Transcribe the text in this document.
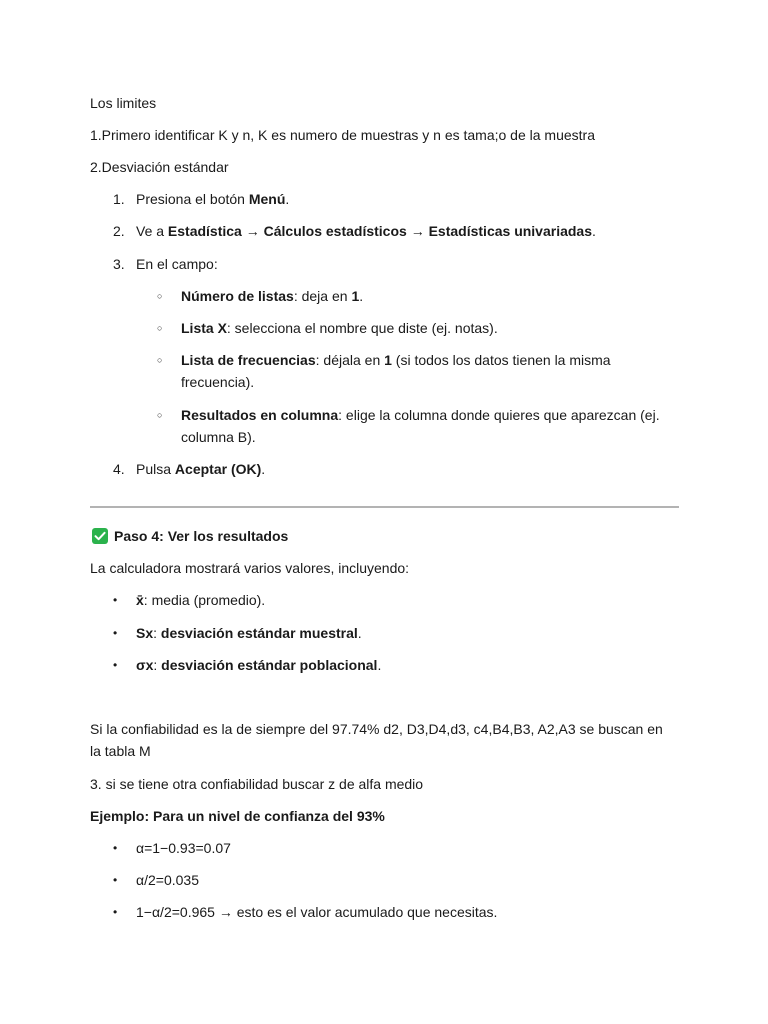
Los limites

1.Primero identificar K y n, K es numero de muestras y n es tama;o de la muestra

2.Desviación estándar

1. Presiona el botón Menú.
2. Ve a Estadística → Cálculos estadísticos → Estadísticas univariadas.
3. En el campo:
○ Número de listas: deja en 1.
○ Lista X: selecciona el nombre que diste (ej. notas).
○ Lista de frecuencias: déjala en 1 (si todos los datos tienen la misma frecuencia).
○ Resultados en columna: elige la columna donde quieres que aparezcan (ej. columna B).
4. Pulsa Aceptar (OK).
Paso 4: Ver los resultados

La calculadora mostrará varios valores, incluyendo:

• x̄: media (promedio).
• Sx: desviación estándar muestral.
• σx: desviación estándar poblacional.

Si la confiabilidad es la de siempre del 97.74% d2, D3,D4,d3, c4,B4,B3, A2,A3 se buscan en la tabla M

3. si se tiene otra confiabilidad buscar z de alfa medio

Ejemplo: Para un nivel de confianza del 93%
• α=1−0.93=0.07
• α/2=0.035
• 1−α/2=0.965 → esto es el valor acumulado que necesitas.
